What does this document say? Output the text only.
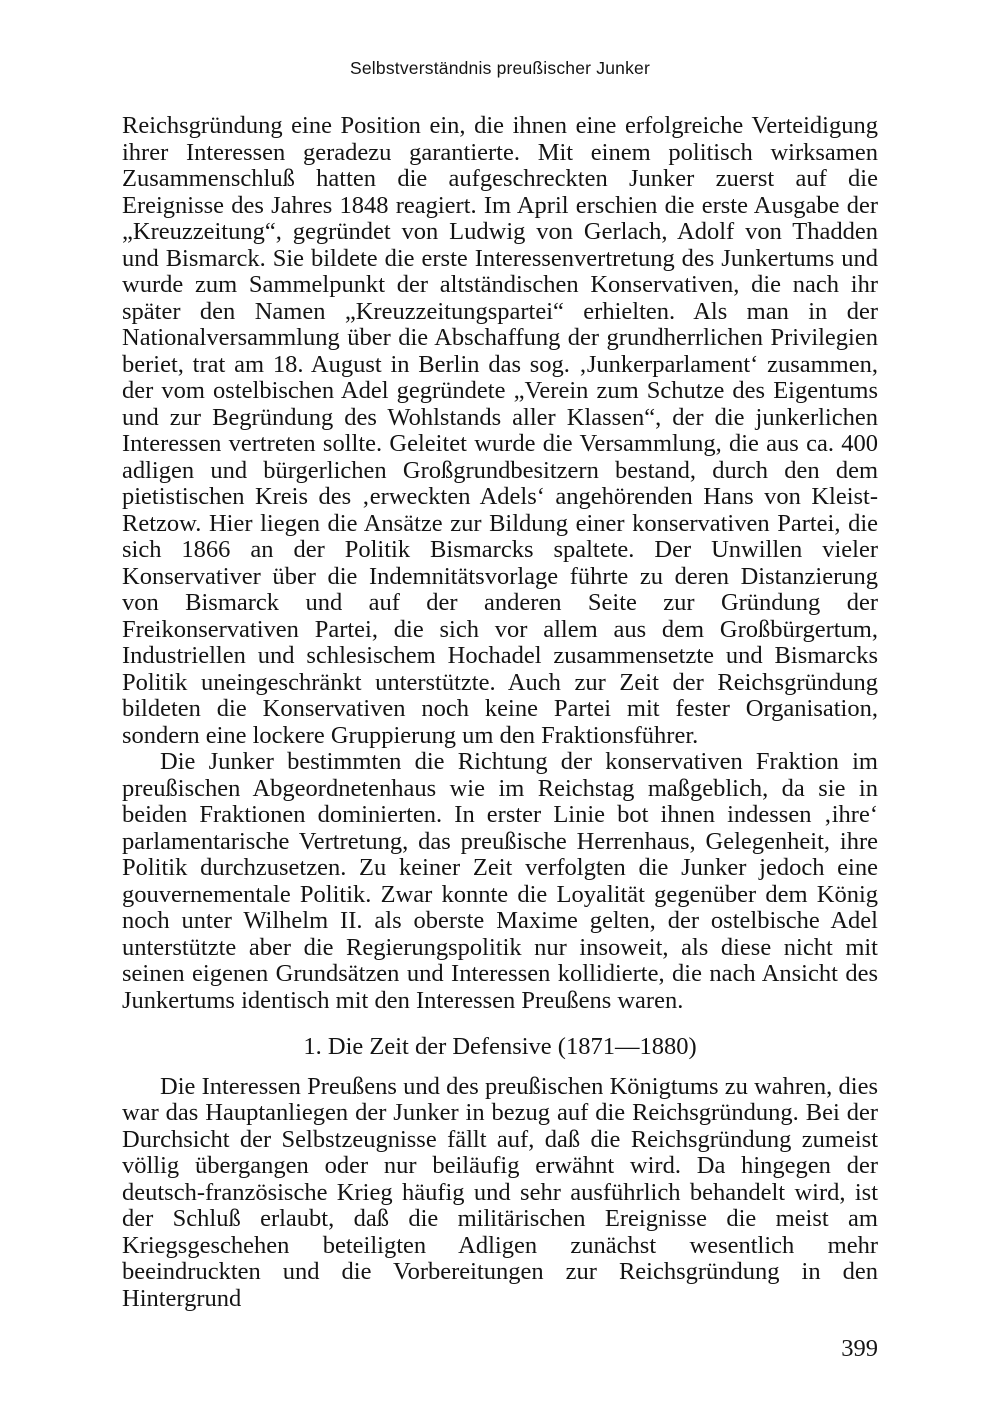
Selbstverständnis preußischer Junker

Reichsgründung eine Position ein, die ihnen eine erfolgreiche Verteidigung ihrer Interessen geradezu garantierte. Mit einem politisch wirksamen Zusammenschluß hatten die aufgeschreckten Junker zuerst auf die Ereignisse des Jahres 1848 reagiert. Im April erschien die erste Ausgabe der „Kreuzzeitung“, gegründet von Ludwig von Gerlach, Adolf von Thadden und Bismarck. Sie bildete die erste Interessenvertretung des Junkertums und wurde zum Sammelpunkt der altständischen Konservativen, die nach ihr später den Namen „Kreuzzeitungspartei“ erhielten. Als man in der Nationalversammlung über die Abschaffung der grundherrlichen Privilegien beriet, trat am 18. August in Berlin das sog. ‚Junkerparlament‘ zusammen, der vom ostelbischen Adel gegründete „Verein zum Schutze des Eigentums und zur Begründung des Wohlstands aller Klassen“, der die junkerlichen Interessen vertreten sollte. Geleitet wurde die Versammlung, die aus ca. 400 adligen und bürgerlichen Großgrundbesitzern bestand, durch den dem pietistischen Kreis des ‚erweckten Adels‘ angehörenden Hans von Kleist-Retzow. Hier liegen die Ansätze zur Bildung einer konservativen Partei, die sich 1866 an der Politik Bismarcks spaltete. Der Unwillen vieler Konservativer über die Indemnitätsvorlage führte zu deren Distanzierung von Bismarck und auf der anderen Seite zur Gründung der Freikonservativen Partei, die sich vor allem aus dem Großbürgertum, Industriellen und schlesischem Hochadel zusammensetzte und Bismarcks Politik uneingeschränkt unterstützte. Auch zur Zeit der Reichsgründung bildeten die Konservativen noch keine Partei mit fester Organisation, sondern eine lockere Gruppierung um den Fraktionsführer.

Die Junker bestimmten die Richtung der konservativen Fraktion im preußischen Abgeordnetenhaus wie im Reichstag maßgeblich, da sie in beiden Fraktionen dominierten. In erster Linie bot ihnen indessen ‚ihre‘ parlamentarische Vertretung, das preußische Herrenhaus, Gelegenheit, ihre Politik durchzusetzen. Zu keiner Zeit verfolgten die Junker jedoch eine gouvernementale Politik. Zwar konnte die Loyalität gegenüber dem König noch unter Wilhelm II. als oberste Maxime gelten, der ostelbische Adel unterstützte aber die Regierungspolitik nur insoweit, als diese nicht mit seinen eigenen Grundsätzen und Interessen kollidierte, die nach Ansicht des Junkertums identisch mit den Interessen Preußens waren.

1. Die Zeit der Defensive (1871—1880)

Die Interessen Preußens und des preußischen Königtums zu wahren, dies war das Hauptanliegen der Junker in bezug auf die Reichsgründung. Bei der Durchsicht der Selbstzeugnisse fällt auf, daß die Reichsgründung zumeist völlig übergangen oder nur beiläufig erwähnt wird. Da hingegen der deutsch-französische Krieg häufig und sehr ausführlich behandelt wird, ist der Schluß erlaubt, daß die militärischen Ereignisse die meist am Kriegsgeschehen beteiligten Adligen zunächst wesentlich mehr beeindruckten und die Vorbereitungen zur Reichsgründung in den Hintergrund

399
